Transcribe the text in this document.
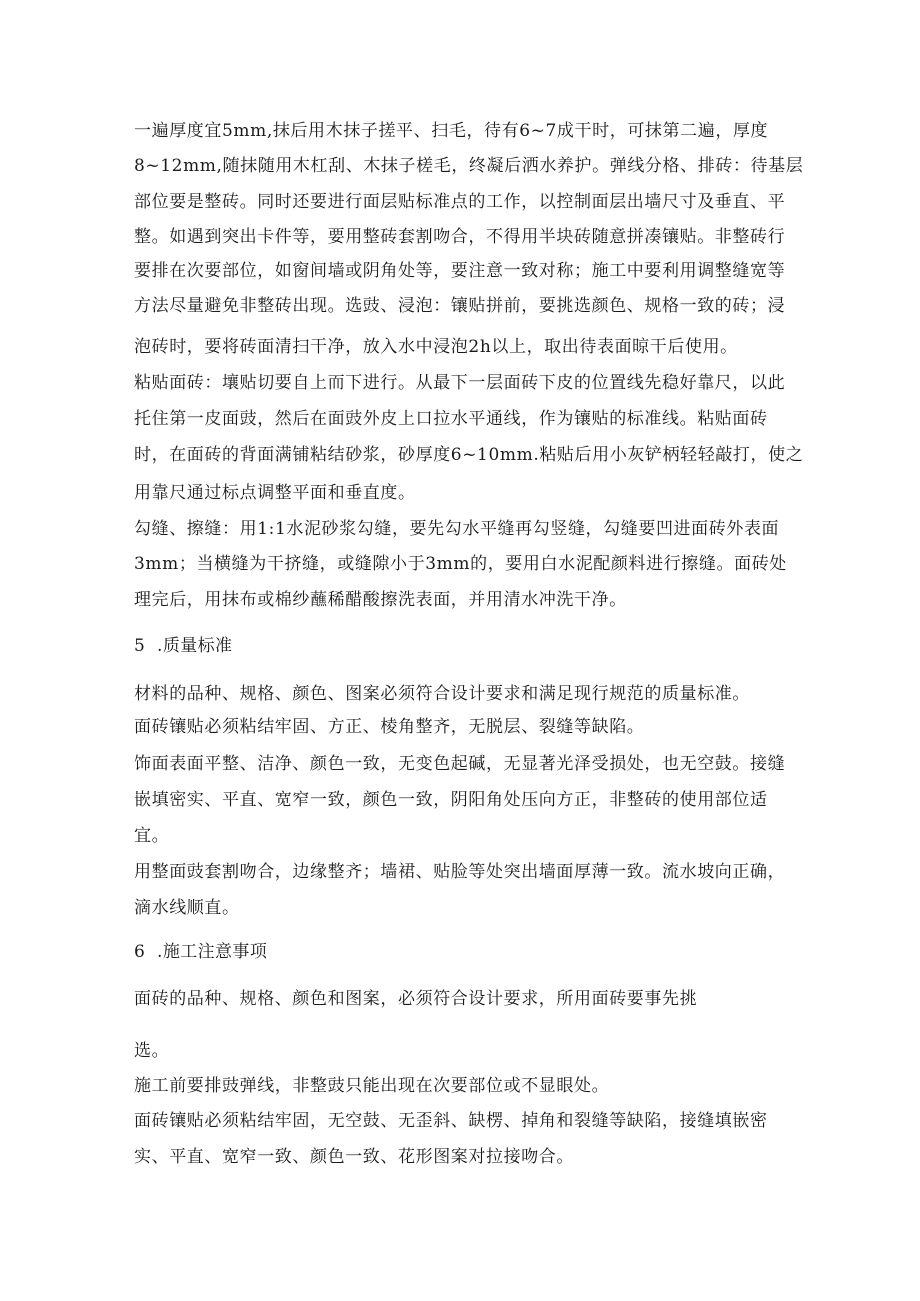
一遍厚度宜5mm,抹后用木抹子搓平、扫毛，待有6~7成干时，可抹第二遍，厚度
8~12mm,随抹随用木杠刮、木抹子槎毛，终凝后洒水养护。弹线分格、排砖：待基层
部位要是整砖。同时还要进行面层贴标准点的工作，以控制面层出墙尺寸及垂直、平
整。如遇到突出卡件等，要用整砖套割吻合，不得用半块砖随意拼凑镶贴。非整砖行
要排在次要部位，如窗间墙或阴角处等，要注意一致对称；施工中要利用调整缝宽等
方法尽量避免非整砖出现。选豉、浸泡：镶贴拼前，要挑选颜色、规格一致的砖；浸
泡砖时，要将砖面清扫干净，放入水中浸泡2h以上，取出待表面晾干后使用。
粘贴面砖：壤贴切要自上而下进行。从最下一层面砖下皮的位置线先稳好靠尺，以此
托住第一皮面豉，然后在面豉外皮上口拉水平通线，作为镶贴的标准线。粘贴面砖
时，在面砖的背面满铺粘结砂浆，砂厚度6~10mm.粘贴后用小灰铲柄轻轻敲打，使之
用靠尺通过标点调整平面和垂直度。
勾缝、擦缝：用1:1水泥砂浆勾缝，要先勾水平缝再勾竖缝，勾缝要凹进面砖外表面
3mm；当横缝为干挤缝，或缝隙小于3mm的，要用白水泥配颜料进行擦缝。面砖处
理完后，用抹布或棉纱蘸稀醋酸擦洗表面，并用清水冲洗干净。
5 .质量标准
材料的品种、规格、颜色、图案必须符合设计要求和满足现行规范的质量标准。
面砖镶贴必须粘结牢固、方正、棱角整齐，无脱层、裂缝等缺陷。
饰面表面平整、洁净、颜色一致，无变色起碱，无显著光泽受损处，也无空鼓。接缝
嵌填密实、平直、宽窄一致，颜色一致，阴阳角处压向方正，非整砖的使用部位适
宜。
用整面豉套割吻合，边缘整齐；墙裙、贴脸等处突出墙面厚薄一致。流水坡向正确，
滴水线顺直。
6 .施工注意事项
面砖的品种、规格、颜色和图案，必须符合设计要求，所用面砖要事先挑
选。
施工前要排豉弹线，非整豉只能出现在次要部位或不显眼处。
面砖镶贴必须粘结牢固，无空鼓、无歪斜、缺楞、掉角和裂缝等缺陷，接缝填嵌密
实、平直、宽窄一致、颜色一致、花形图案对拉接吻合。
